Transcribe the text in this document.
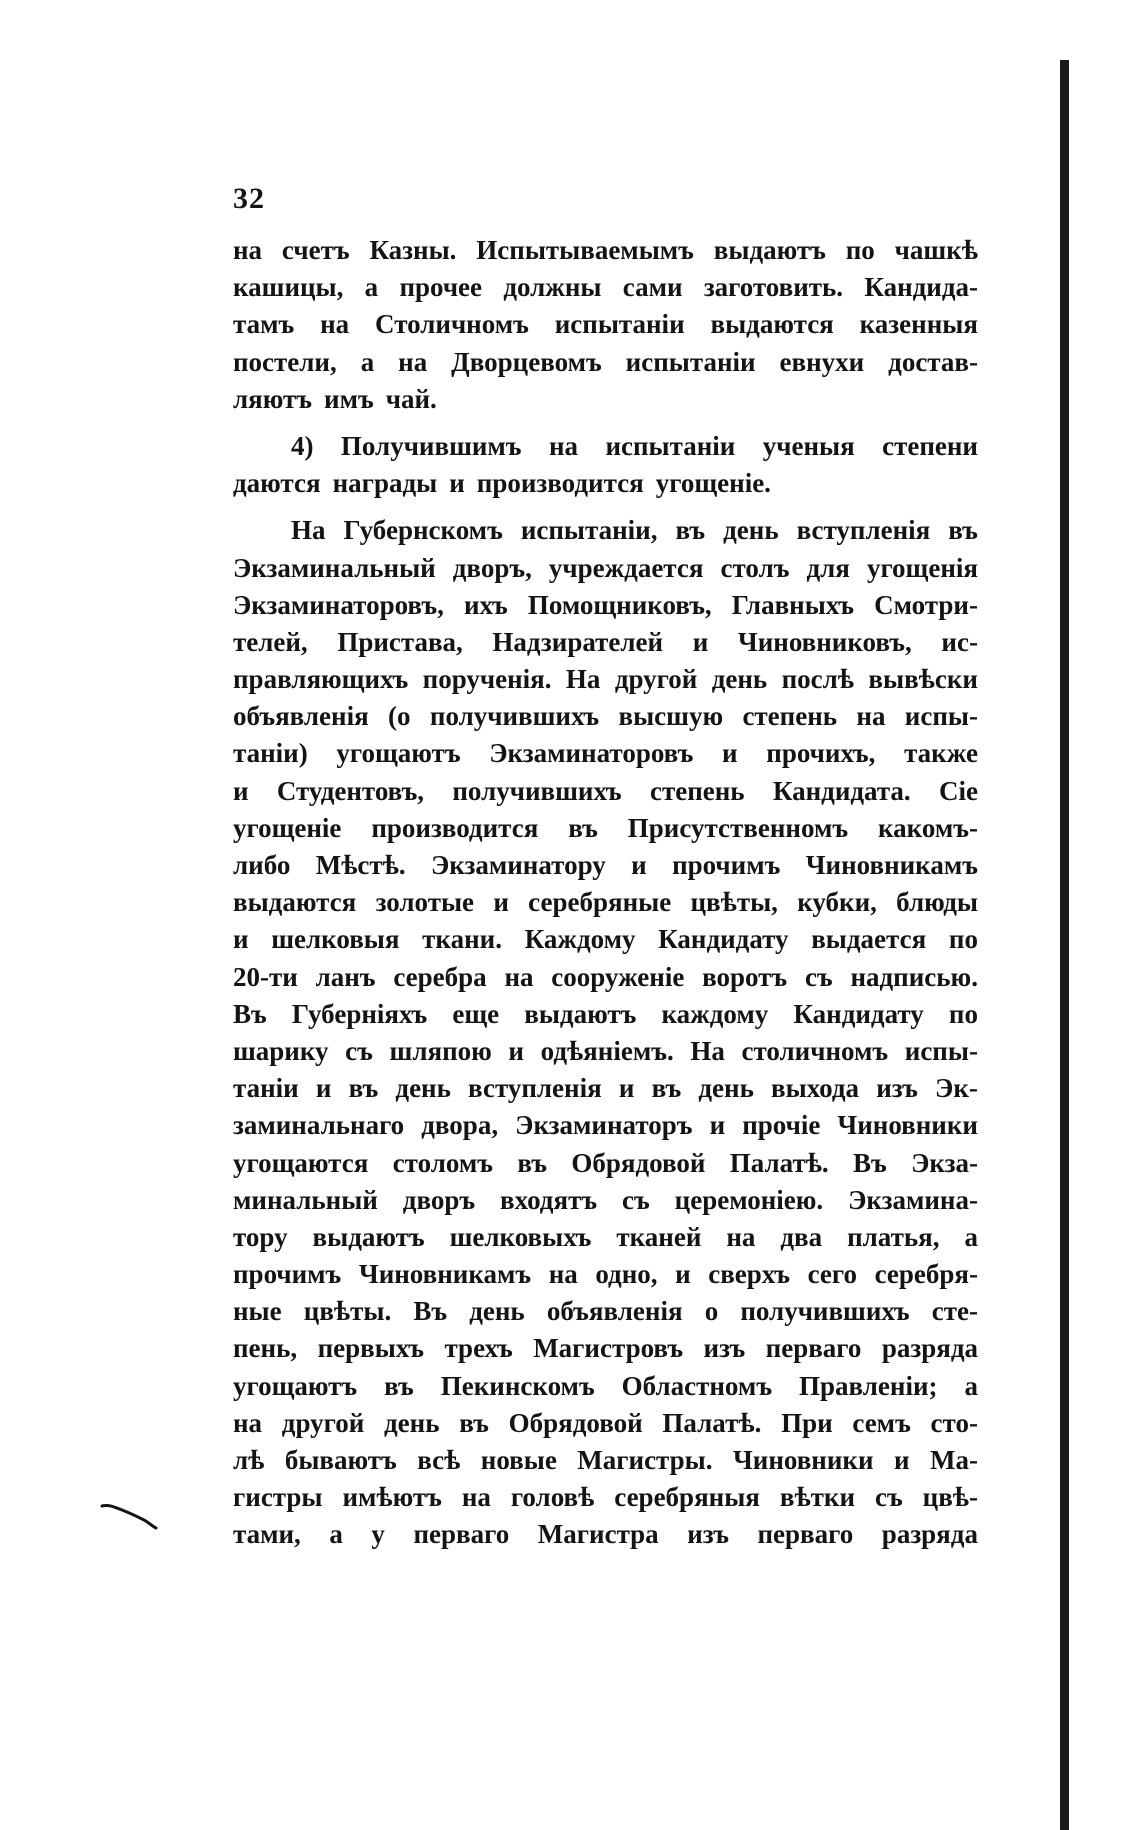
32
на счетъ Казны. Испытываемымъ выдаютъ по чашкѣ
кашицы, а прочее должны сами заготовить. Кандида-
тамъ на Столичномъ испытаніи выдаются казенныя
постели, а на Дворцевомъ испытаніи евнухи достав-
ляютъ имъ чай.
4) Получившимъ на испытаніи ученыя степени
даются награды и производится угощеніе.
На Губернскомъ испытаніи, въ день вступленія въ
Экзаминальный дворъ, учреждается столъ для угощенія
Экзаминаторовъ, ихъ Помощниковъ, Главныхъ Смотри-
телей, Пристава, Надзирателей и Чиновниковъ, ис-
правляющихъ порученія. На другой день послѣ вывѣски
объявленія (о получившихъ высшую степень на испы-
таніи) угощаютъ Экзаминаторовъ и прочихъ, также
и Студентовъ, получившихъ степень Кандидата. Сіе
угощеніе производится въ Присутственномъ какомъ-
либо Мѣстѣ. Экзаминатору и прочимъ Чиновникамъ
выдаются золотые и серебряные цвѣты, кубки, блюды
и шелковыя ткани. Каждому Кандидату выдается по
20-ти ланъ серебра на сооруженіе воротъ съ надписью.
Въ Губерніяхъ еще выдаютъ каждому Кандидату по
шарику съ шляпою и одѣяніемъ. На столичномъ испы-
таніи и въ день вступленія и въ день выхода изъ Эк-
заминальнаго двора, Экзаминаторъ и прочіе Чиновники
угощаются столомъ въ Обрядовой Палатѣ. Въ Экза-
минальный дворъ входятъ съ церемоніею. Экзамина-
тору выдаютъ шелковыхъ тканей на два платья, а
прочимъ Чиновникамъ на одно, и сверхъ сего серебря-
ные цвѣты. Въ день объявленія о получившихъ сте-
пень, первыхъ трехъ Магистровъ изъ перваго разряда
угощаютъ въ Пекинскомъ Областномъ Правленіи; а
на другой день въ Обрядовой Палатѣ. При семъ сто-
лѣ бываютъ всѣ новые Магистры. Чиновники и Ма-
гистры имѣютъ на головѣ серебряныя вѣтки съ цвѣ-
тами, а у перваго Магистра изъ перваго разряда
